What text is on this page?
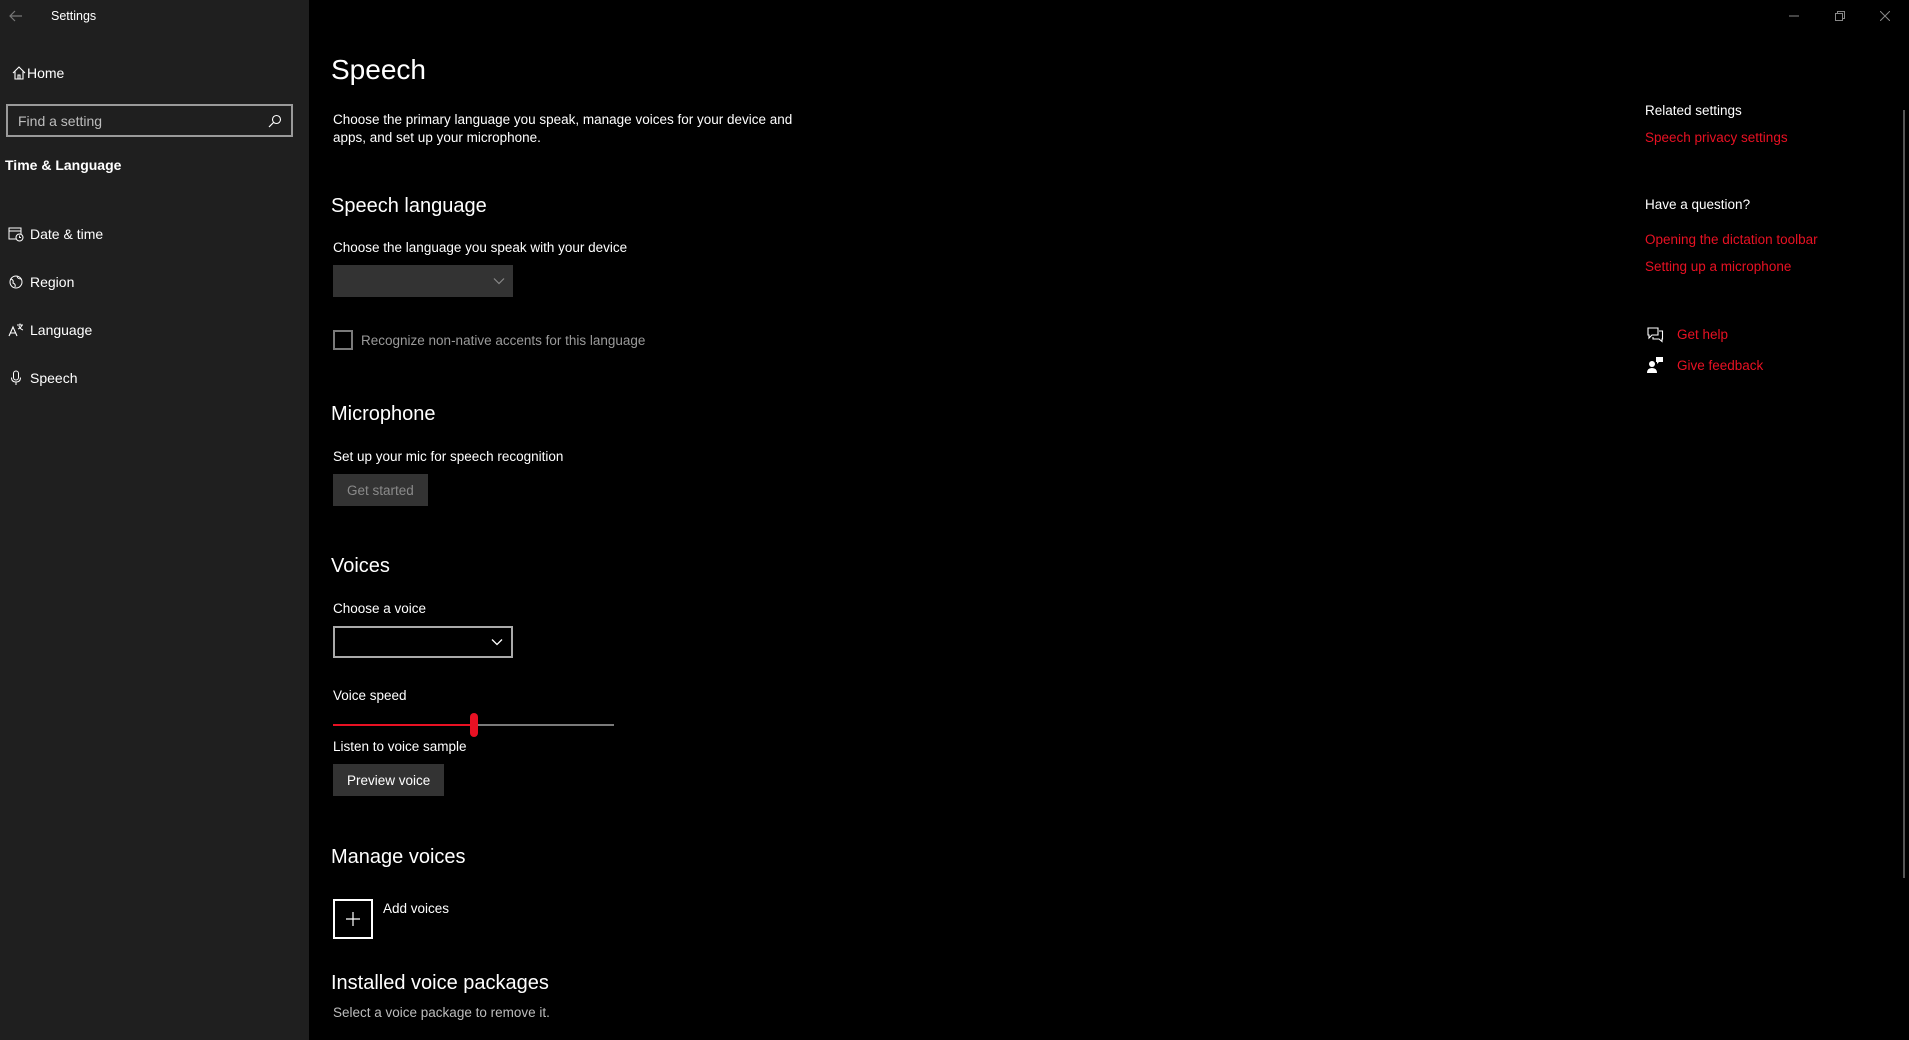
Settings
Home
Find a setting
Time & Language
Date & time
Region
Language
Speech
Speech
Choose the primary language you speak, manage voices for your device and apps, and set up your microphone.
Speech language
Choose the language you speak with your device
Recognize non-native accents for this language
Microphone
Set up your mic for speech recognition
Get started
Voices
Choose a voice
Voice speed
Listen to voice sample
Preview voice
Manage voices
Add voices
Installed voice packages
Select a voice package to remove it.
Related settings
Speech privacy settings
Have a question?
Opening the dictation toolbar
Setting up a microphone
Get help
Give feedback
